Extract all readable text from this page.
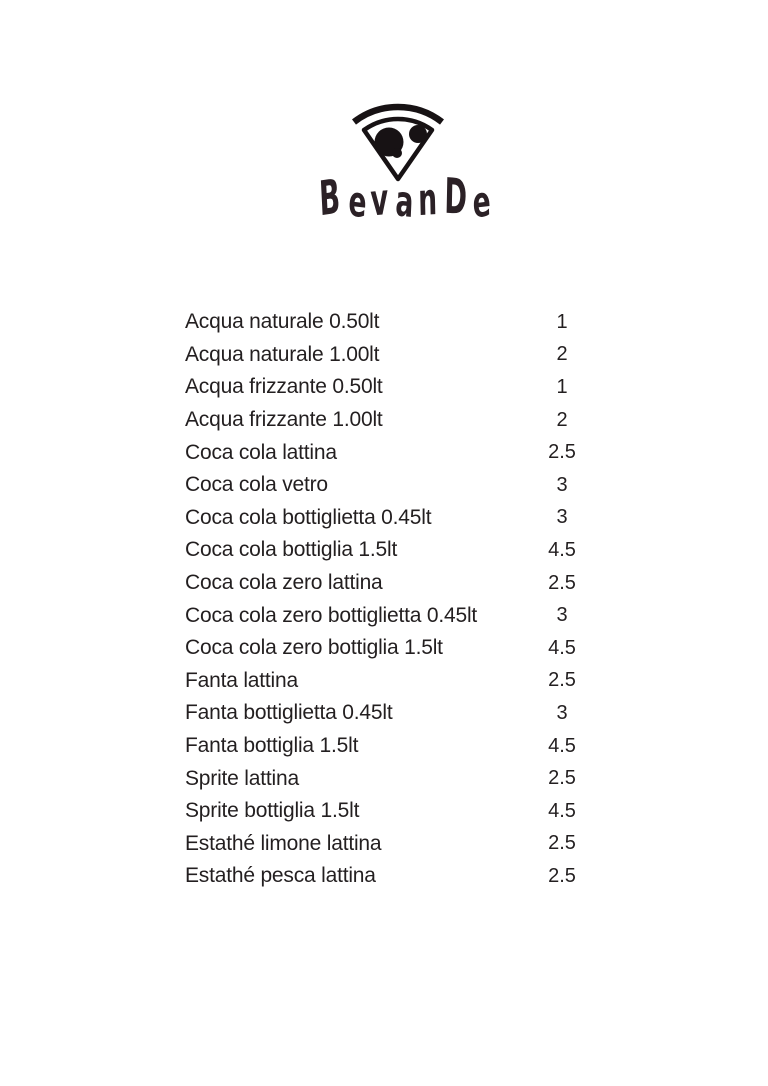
B ev an De
Acqua naturale 0.50lt	1
Acqua naturale 1.00lt	2
Acqua frizzante 0.50lt	1
Acqua frizzante 1.00lt	2
Coca cola lattina	2.5
Coca cola vetro	3
Coca cola bottiglietta 0.45lt	3
Coca cola bottiglia 1.5lt	4.5
Coca cola zero lattina	2.5
Coca cola zero bottiglietta 0.45lt	3
Coca cola zero bottiglia 1.5lt	4.5
Fanta lattina	2.5
Fanta bottiglietta 0.45lt	3
Fanta bottiglia 1.5lt	4.5
Sprite lattina	2.5
Sprite bottiglia 1.5lt	4.5
Estathé limone lattina	2.5
Estathé pesca lattina	2.5
